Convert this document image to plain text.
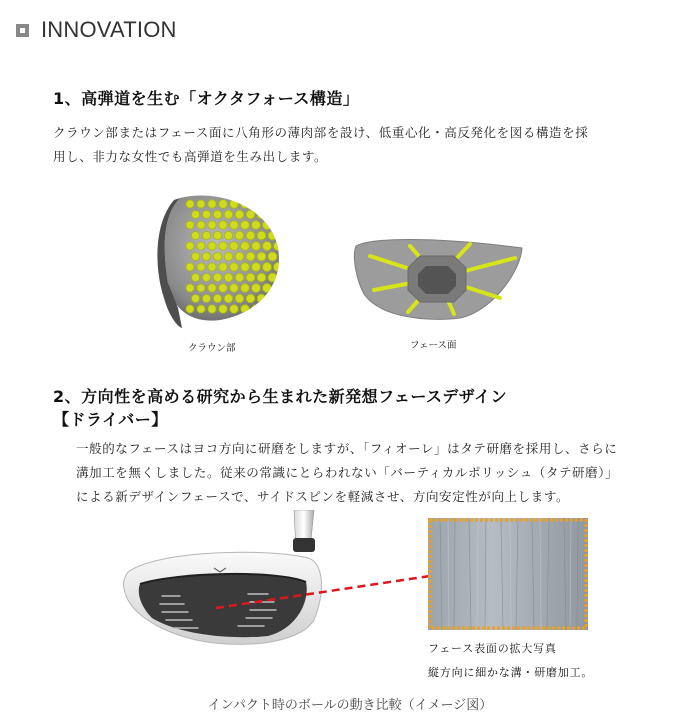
INNOVATION
1、高弾道を生む「オクタフォース構造」
クラウン部またはフェース面に八角形の薄肉部を設け、低重心化・高反発化を図る構造を採
用し、非力な女性でも高弾道を生み出します。
クラウン部	フェース面
2、方向性を高める研究から生まれた新発想フェースデザイン
【ドライバー】
一般的なフェースはヨコ方向に研磨をしますが、「フィオーレ」はタテ研磨を採用し、さらに
溝加工を無くしました。従来の常識にとらわれない「バーティカルポリッシュ（タテ研磨）」
による新デザインフェースで、サイドスピンを軽減させ、方向安定性が向上します。
フェース表面の拡大写真
縦方向に細かな溝・研磨加工。
インパクト時のボールの動き比較（イメージ図）
